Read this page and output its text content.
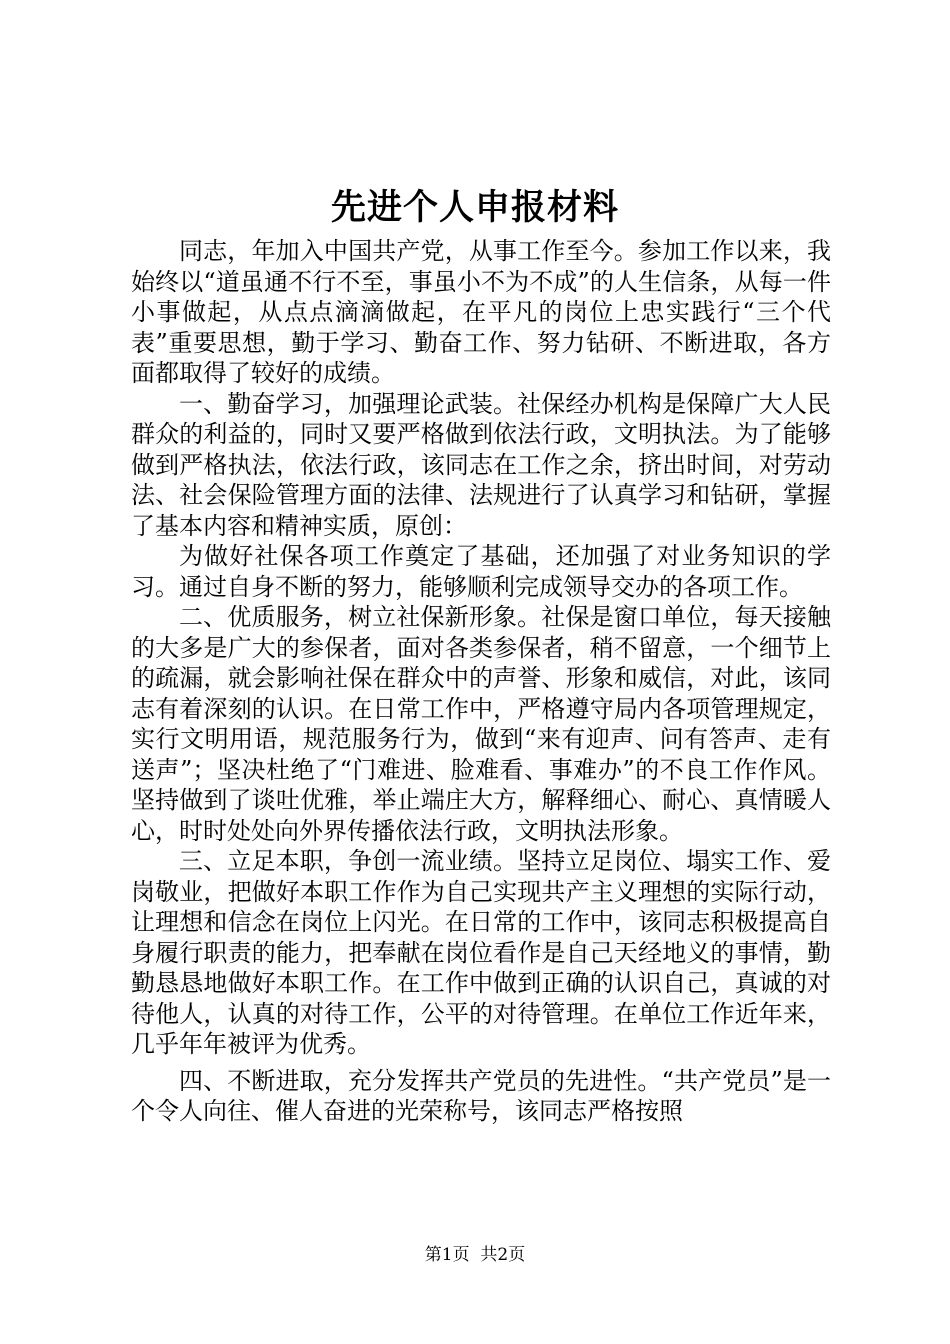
先进个人申报材料

同志，年加入中国共产党，从事工作至今。参加工作以来，我始终以“道虽通不行不至，事虽小不为不成”的人生信条，从每一件小事做起，从点点滴滴做起，在平凡的岗位上忠实践行“三个代表”重要思想，勤于学习、勤奋工作、努力钻研、不断进取，各方面都取得了较好的成绩。

一、勤奋学习，加强理论武装。社保经办机构是保障广大人民群众的利益的，同时又要严格做到依法行政，文明执法。为了能够做到严格执法，依法行政，该同志在工作之余，挤出时间，对劳动法、社会保险管理方面的法律、法规进行了认真学习和钻研，掌握了基本内容和精神实质，原创：

为做好社保各项工作奠定了基础，还加强了对业务知识的学习。通过自身不断的努力，能够顺利完成领导交办的各项工作。

二、优质服务，树立社保新形象。社保是窗口单位，每天接触的大多是广大的参保者，面对各类参保者，稍不留意，一个细节上的疏漏，就会影响社保在群众中的声誉、形象和威信，对此，该同志有着深刻的认识。在日常工作中，严格遵守局内各项管理规定，实行文明用语，规范服务行为，做到“来有迎声、问有答声、走有送声”；坚决杜绝了“门难进、脸难看、事难办”的不良工作作风。坚持做到了谈吐优雅，举止端庄大方，解释细心、耐心、真情暖人心，时时处处向外界传播依法行政，文明执法形象。

三、立足本职，争创一流业绩。坚持立足岗位、塌实工作、爱岗敬业，把做好本职工作作为自己实现共产主义理想的实际行动，让理想和信念在岗位上闪光。在日常的工作中，该同志积极提高自身履行职责的能力，把奉献在岗位看作是自己天经地义的事情，勤勤恳恳地做好本职工作。在工作中做到正确的认识自己，真诚的对待他人，认真的对待工作，公平的对待管理。在单位工作近年来，几乎年年被评为优秀。

四、不断进取，充分发挥共产党员的先进性。“共产党员”是一个令人向往、催人奋进的光荣称号，该同志严格按照

第1页  共2页
